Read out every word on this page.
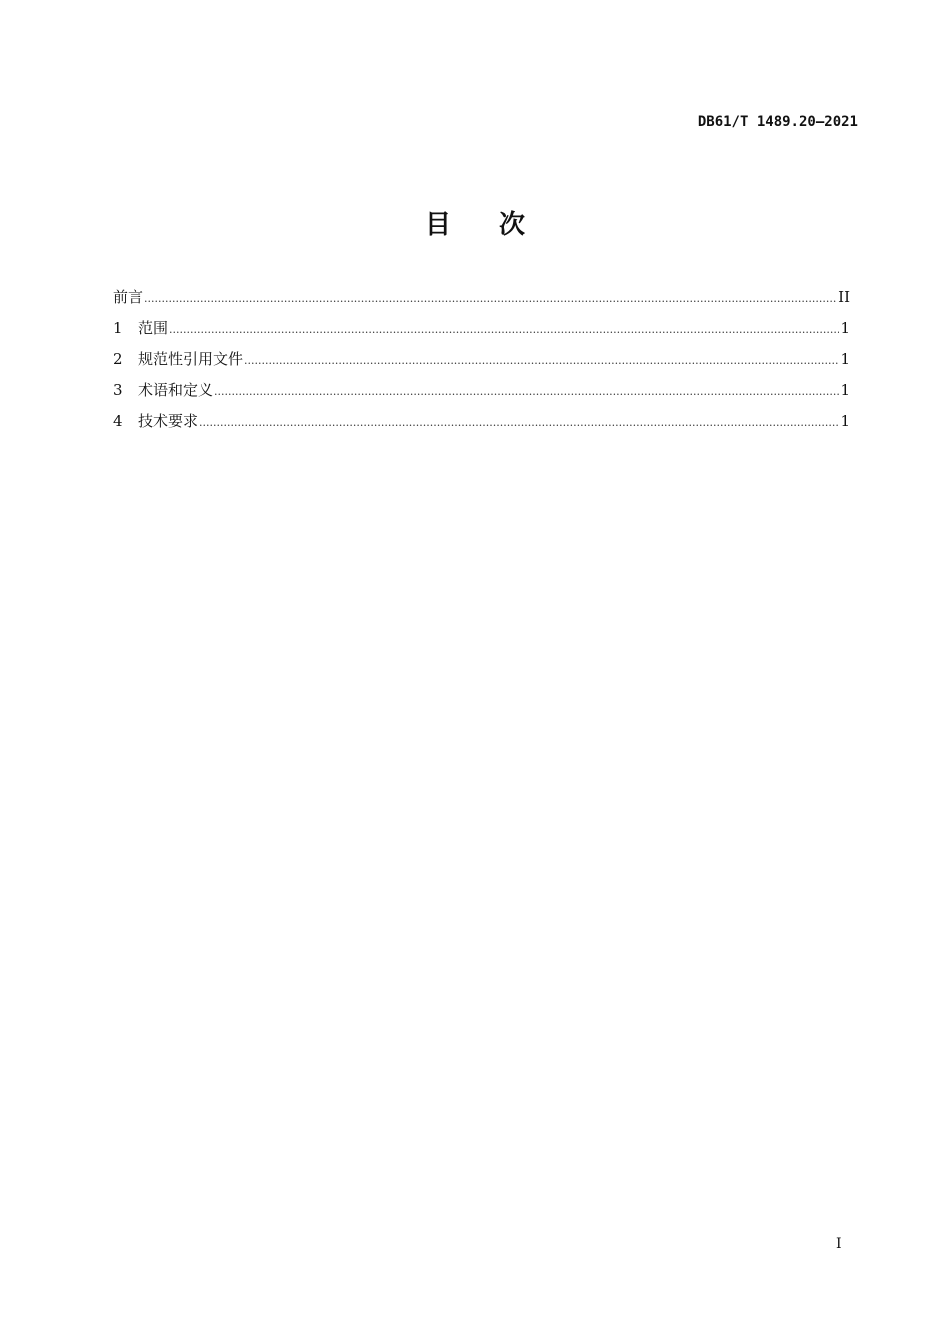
DB61/T 1489.20—2021
目 次
前言 .....	II
1	范围 .....	1
2	规范性引用文件 .....	1
3	术语和定义 .....	1
4	技术要求 .....	1
I
